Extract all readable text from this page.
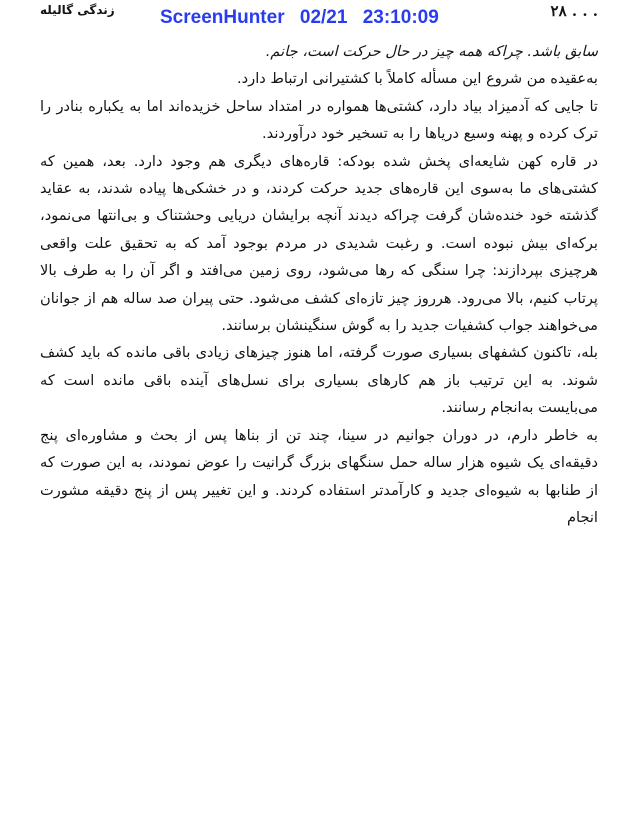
زندگی گالیله	۲۸ . . .
ScreenHunter 02/21 23:10:09

سابق باشد. چراکه همه چیز در حال حرکت است، جانم.

به‌عقیده من شروع این مسأله کاملاً با کشتیرانی ارتباط دارد.

تا جایی که آدمیزاد بیاد دارد، کشتی‌ها همواره در امتداد ساحل خزیده‌اند اما به یکباره بنادر را ترک کرده و پهنه وسیع دریاها را به تسخیر خود درآوردند.

در قاره کهن شایعه‌ای پخش شده بودکه: قاره‌های دیگری هم وجود دارد. بعد، همین که کشتی‌های ما به‌سوی این قاره‌های جدید حرکت کردند، و در خشکی‌ها پیاده شدند، به عقاید گذشته خود خنده‌شان گرفت چراکه دیدند آنچه برایشان دریایی وحشتناک و بی‌انتها می‌نمود، برکه‌ای بیش نبوده است. و رغبت شدیدی در مردم بوجود آمد که به تحقیق علت واقعی هرچیزی بپردازند: چرا سنگی که رها می‌شود، روی زمین می‌افتد و اگر آن را به طرف بالا پرتاب کنیم، بالا می‌رود. هرروز چیز تازه‌ای کشف می‌شود. حتی پیران صد ساله هم از جوانان می‌خواهند جواب کشفیات جدید را به گوش سنگینشان برسانند.

بله، تاکنون کشفهای بسیاری صورت گرفته، اما هنوز چیزهای زیادی باقی مانده که باید کشف شوند. به این ترتیب باز هم کارهای بسیاری برای نسل‌های آینده باقی مانده است که می‌بایست به‌انجام رسانند.

به خاطر دارم، در دوران جوانیم در سینا، چند تن از بناها پس از بحث و مشاوره‌ای پنج دقیقه‌ای یک شیوه هزار ساله حمل سنگهای بزرگ گرانیت را عوض نمودند، به این صورت که از طنابها به شیوه‌ای جدید و کارآمدتر استفاده کردند. و این تغییر پس از پنج دقیقه مشورت انجام
